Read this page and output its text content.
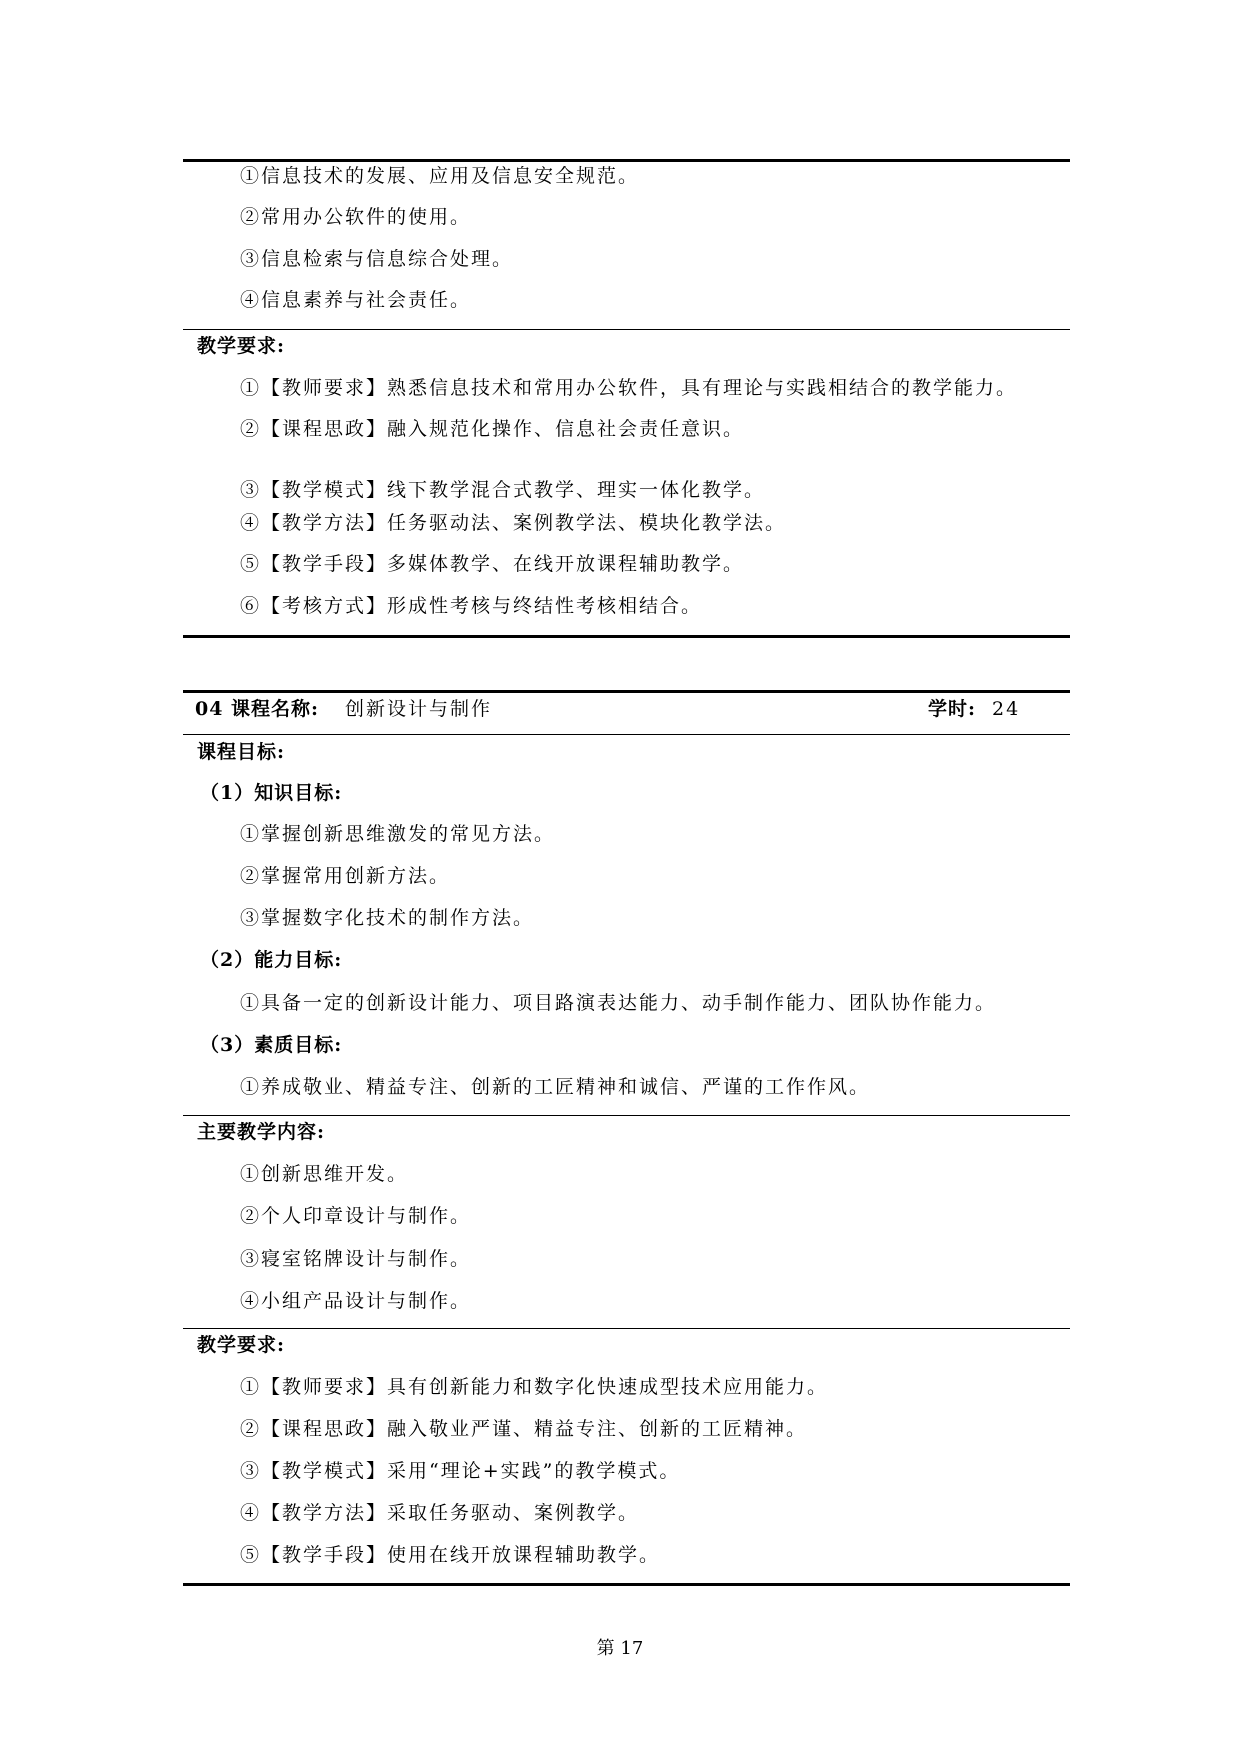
①信息技术的发展、应用及信息安全规范。
②常用办公软件的使用。
③信息检索与信息综合处理。
④信息素养与社会责任。
教学要求:
①【教师要求】熟悉信息技术和常用办公软件，具有理论与实践相结合的教学能力。
②【课程思政】融入规范化操作、信息社会责任意识。
③【教学模式】线下教学混合式教学、理实一体化教学。
④【教学方法】任务驱动法、案例教学法、模块化教学法。
⑤【教学手段】多媒体教学、在线开放课程辅助教学。
⑥【考核方式】形成性考核与终结性考核相结合。
04 课程名称: 创新设计与制作	学时: 24
课程目标:
（1）知识目标:
①掌握创新思维激发的常见方法。
②掌握常用创新方法。
③掌握数字化技术的制作方法。
（2）能力目标:
①具备一定的创新设计能力、项目路演表达能力、动手制作能力、团队协作能力。
（3）素质目标:
①养成敬业、精益专注、创新的工匠精神和诚信、严谨的工作作风。
主要教学内容:
①创新思维开发。
②个人印章设计与制作。
③寝室铭牌设计与制作。
④小组产品设计与制作。
教学要求:
①【教师要求】具有创新能力和数字化快速成型技术应用能力。
②【课程思政】融入敬业严谨、精益专注、创新的工匠精神。
③【教学模式】采用“理论+实践”的教学模式。
④【教学方法】采取任务驱动、案例教学。
⑤【教学手段】使用在线开放课程辅助教学。
第 17
